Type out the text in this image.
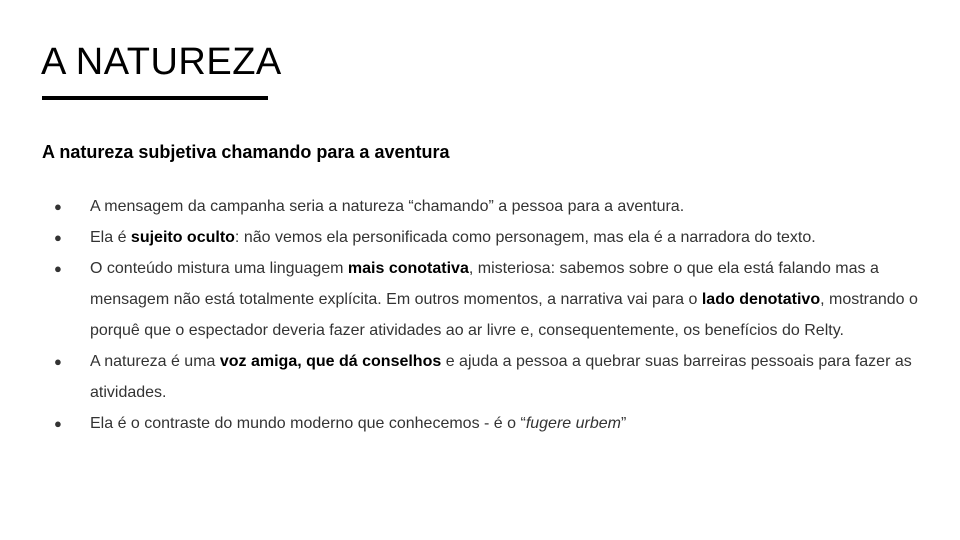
A NATUREZA
A natureza subjetiva chamando para a aventura
● A mensagem da campanha seria a natureza “chamando” a pessoa para a aventura.
● Ela é sujeito oculto: não vemos ela personificada como personagem, mas ela é a narradora do texto.
● O conteúdo mistura uma linguagem mais conotativa, misteriosa: sabemos sobre o que ela está falando mas a mensagem não está totalmente explícita. Em outros momentos, a narrativa vai para o lado denotativo, mostrando o porquê que o espectador deveria fazer atividades ao ar livre e, consequentemente, os benefícios do Relty.
● A natureza é uma voz amiga, que dá conselhos e ajuda a pessoa a quebrar suas barreiras pessoais para fazer as atividades.
● Ela é o contraste do mundo moderno que conhecemos - é o “fugere urbem”
